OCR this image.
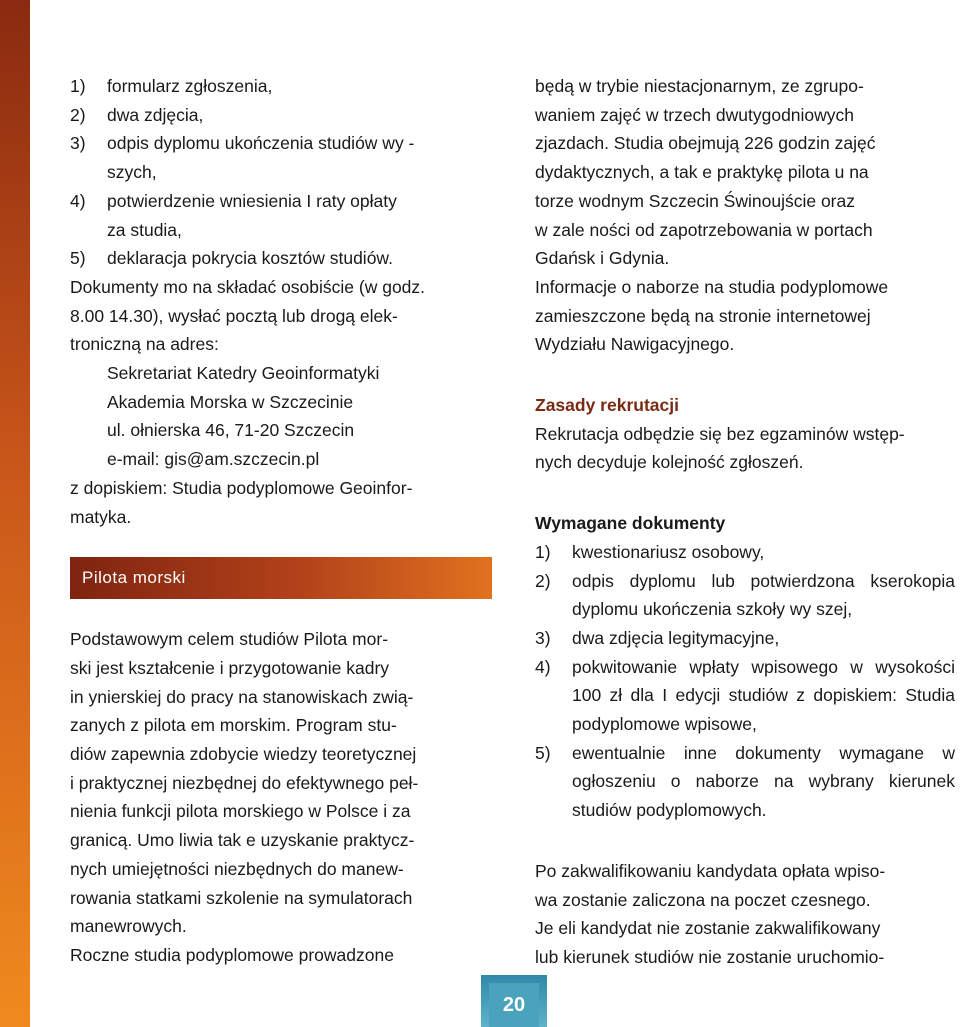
1) formularz zgłoszenia,
2) dwa zdjęcia,
3) odpis dyplomu ukończenia studiów wy -
szych,
4) potwierdzenie wniesienia I raty opłaty
za studia,
5) deklaracja pokrycia kosztów studiów.
Dokumenty mo na składać osobiście (w godz.
8.00 14.30), wysłać pocztą lub drogą elek-
troniczną na adres:
Sekretariat Katedry Geoinformatyki
Akademia Morska w Szczecinie
ul. ołnierska 46, 71-20 Szczecin
e-mail: gis@am.szczecin.pl
z dopiskiem: Studia podyplomowe Geoinfor-
matyka.
Pilota morski
Podstawowym celem studiów Pilota mor-
ski jest kształcenie i przygotowanie kadry
in ynierskiej do pracy na stanowiskach zwią-
zanych z pilota em morskim. Program stu-
diów zapewnia zdobycie wiedzy teoretycznej
i praktycznej niezbędnej do efektywnego peł-
nienia funkcji pilota morskiego w Polsce i za
granicą. Umo liwia tak e uzyskanie praktycz-
nych umiejętności niezbędnych do manew-
rowania statkami szkolenie na symulatorach
manewrowych.
Roczne studia podyplomowe prowadzone
będą w trybie niestacjonarnym, ze zgrupo-
waniem zajęć w trzech dwutygodniowych
zjazdach. Studia obejmują 226 godzin zajęć
dydaktycznych, a tak e praktykę pilota u na
torze wodnym Szczecin Świnoujście oraz
w zale ności od zapotrzebowania w portach
Gdańsk i Gdynia.
Informacje o naborze na studia podyplomowe
zamieszczone będą na stronie internetowej
Wydziału Nawigacyjnego.
Zasady rekrutacji
Rekrutacja odbędzie się bez egzaminów wstęp-
nych decyduje kolejność zgłoszeń.
Wymagane dokumenty
1)	kwestionariusz osobowy,
2)	odpis dyplomu lub potwierdzona kserokopia dyplomu ukończenia szkoły wy szej,
3)	dwa zdjęcia legitymacyjne,
4)	pokwitowanie wpłaty wpisowego w wysokości 100 zł dla I edycji studiów z dopiskiem: Studia podyplomowe wpisowe,
5)	ewentualnie inne dokumenty wymagane w ogłoszeniu o naborze na wybrany kierunek studiów podyplomowych.
Po zakwalifikowaniu kandydata opłata wpiso-
wa zostanie zaliczona na poczet czesnego.
Je eli kandydat nie zostanie zakwalifikowany
lub kierunek studiów nie zostanie uruchomio-
20
